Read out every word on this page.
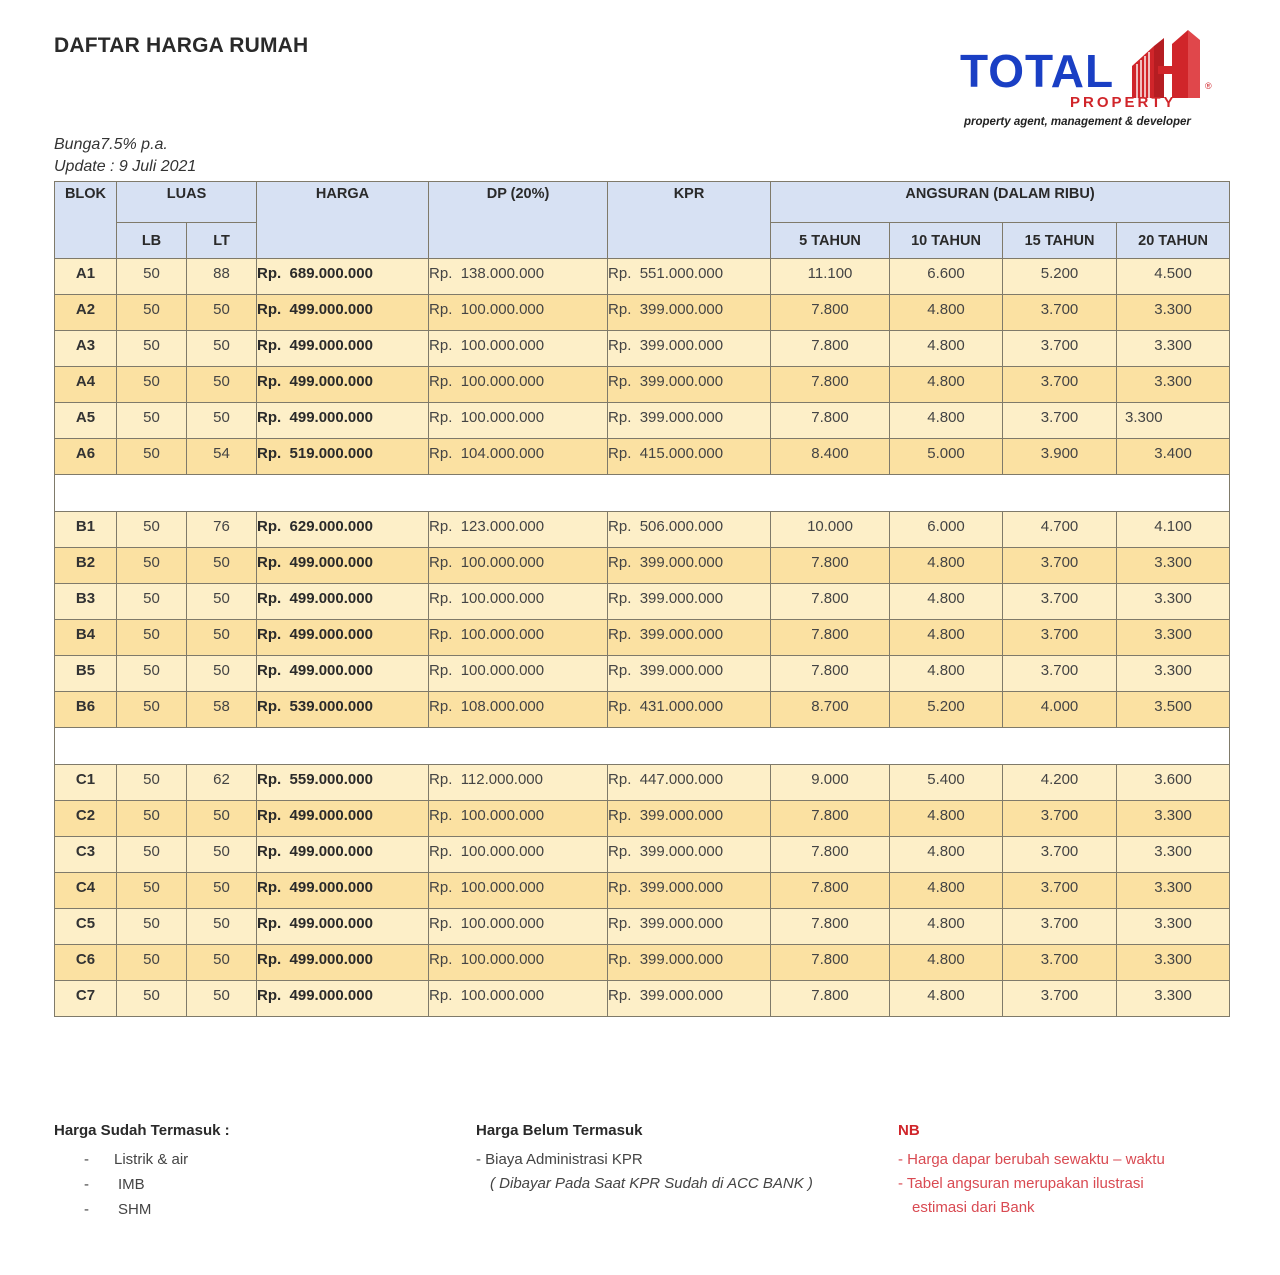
DAFTAR HARGA RUMAH
Bunga7.5% p.a.
Update : 9 Juli 2021
TOTAL	®
PROPERTY
property agent, management & developer
BLOK	LUAS		HARGA	DP (20%)	KPR	ANGSURAN (DALAM RIBU)			
	LB	LT				5 TAHUN	10 TAHUN	15 TAHUN	20 TAHUN
A1	50	88	Rp.  689.000.000	Rp.  138.000.000	Rp.  551.000.000	11.100	6.600	5.200	4.500
A2	50	50	Rp.  499.000.000	Rp.  100.000.000	Rp.  399.000.000	7.800	4.800	3.700	3.300
A3	50	50	Rp.  499.000.000	Rp.  100.000.000	Rp.  399.000.000	7.800	4.800	3.700	3.300
A4	50	50	Rp.  499.000.000	Rp.  100.000.000	Rp.  399.000.000	7.800	4.800	3.700	3.300
A5	50	50	Rp.  499.000.000	Rp.  100.000.000	Rp.  399.000.000	7.800	4.800	3.700	3.300
A6	50	54	Rp.  519.000.000	Rp.  104.000.000	Rp.  415.000.000	8.400	5.000	3.900	3.400

B1	50	76	Rp.  629.000.000	Rp.  123.000.000	Rp.  506.000.000	10.000	6.000	4.700	4.100
B2	50	50	Rp.  499.000.000	Rp.  100.000.000	Rp.  399.000.000	7.800	4.800	3.700	3.300
B3	50	50	Rp.  499.000.000	Rp.  100.000.000	Rp.  399.000.000	7.800	4.800	3.700	3.300
B4	50	50	Rp.  499.000.000	Rp.  100.000.000	Rp.  399.000.000	7.800	4.800	3.700	3.300
B5	50	50	Rp.  499.000.000	Rp.  100.000.000	Rp.  399.000.000	7.800	4.800	3.700	3.300
B6	50	58	Rp.  539.000.000	Rp.  108.000.000	Rp.  431.000.000	8.700	5.200	4.000	3.500

C1	50	62	Rp.  559.000.000	Rp.  112.000.000	Rp.  447.000.000	9.000	5.400	4.200	3.600
C2	50	50	Rp.  499.000.000	Rp.  100.000.000	Rp.  399.000.000	7.800	4.800	3.700	3.300
C3	50	50	Rp.  499.000.000	Rp.  100.000.000	Rp.  399.000.000	7.800	4.800	3.700	3.300
C4	50	50	Rp.  499.000.000	Rp.  100.000.000	Rp.  399.000.000	7.800	4.800	3.700	3.300
C5	50	50	Rp.  499.000.000	Rp.  100.000.000	Rp.  399.000.000	7.800	4.800	3.700	3.300
C6	50	50	Rp.  499.000.000	Rp.  100.000.000	Rp.  399.000.000	7.800	4.800	3.700	3.300
C7	50	50	Rp.  499.000.000	Rp.  100.000.000	Rp.  399.000.000	7.800	4.800	3.700	3.300
Harga Sudah Termasuk :
- Listrik & air
- IMB
- SHM
Harga Belum Termasuk
- Biaya Administrasi KPR
( Dibayar Pada Saat KPR Sudah di ACC BANK )
NB
- Harga dapar berubah sewaktu – waktu
- Tabel angsuran merupakan ilustrasi
estimasi dari Bank
